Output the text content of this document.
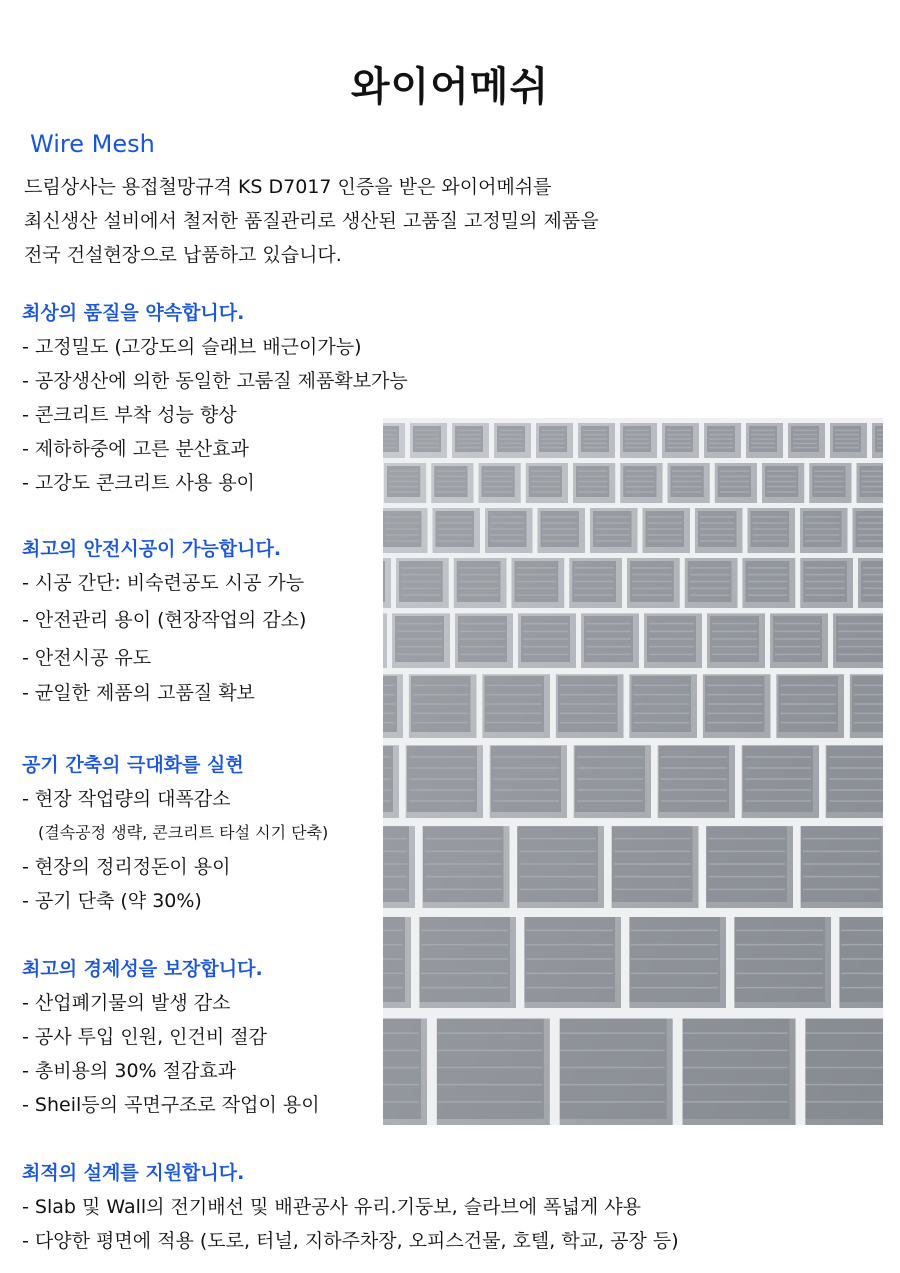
와이어메쉬
Wire Mesh
드림상사는 용접철망규격 KS D7017 인증을 받은 와이어메쉬를
최신생산 설비에서 철저한 품질관리로 생산된 고품질 고정밀의 제품을
전국 건설현장으로 납품하고 있습니다.
최상의 품질을 약속합니다.
- 고정밀도 (고강도의 슬래브 배근이가능)
- 공장생산에 의한 동일한 고룸질 제품확보가능
- 콘크리트 부착 성능 향상
- 제하하중에 고른 분산효과
- 고강도 콘크리트 사용 용이
최고의 안전시공이 가능합니다.
- 시공 간단: 비숙련공도 시공 가능
- 안전관리 용이 (현장작업의 감소)
- 안전시공 유도
- 균일한 제품의 고품질 확보
공기 간축의 극대화를 실현
- 현장 작업량의 대폭감소
(결속공정 생략, 콘크리트 타설 시기 단축)
- 현장의 정리정돈이 용이
- 공기 단축 (약 30%)
최고의 경제성을 보장합니다.
- 산업폐기물의 발생 감소
- 공사 투입 인원, 인건비 절감
- 총비용의 30% 절감효과
- Sheil등의 곡면구조로 작업이 용이
최적의 설계를 지원합니다.
- Slab 및 Wall의 전기배선 및 배관공사 유리.기둥보, 슬라브에 폭넓게 샤용
- 다양한 평면에 적용 (도로, 터널, 지하주차장, 오피스건물, 호텔, 학교, 공장 등)
